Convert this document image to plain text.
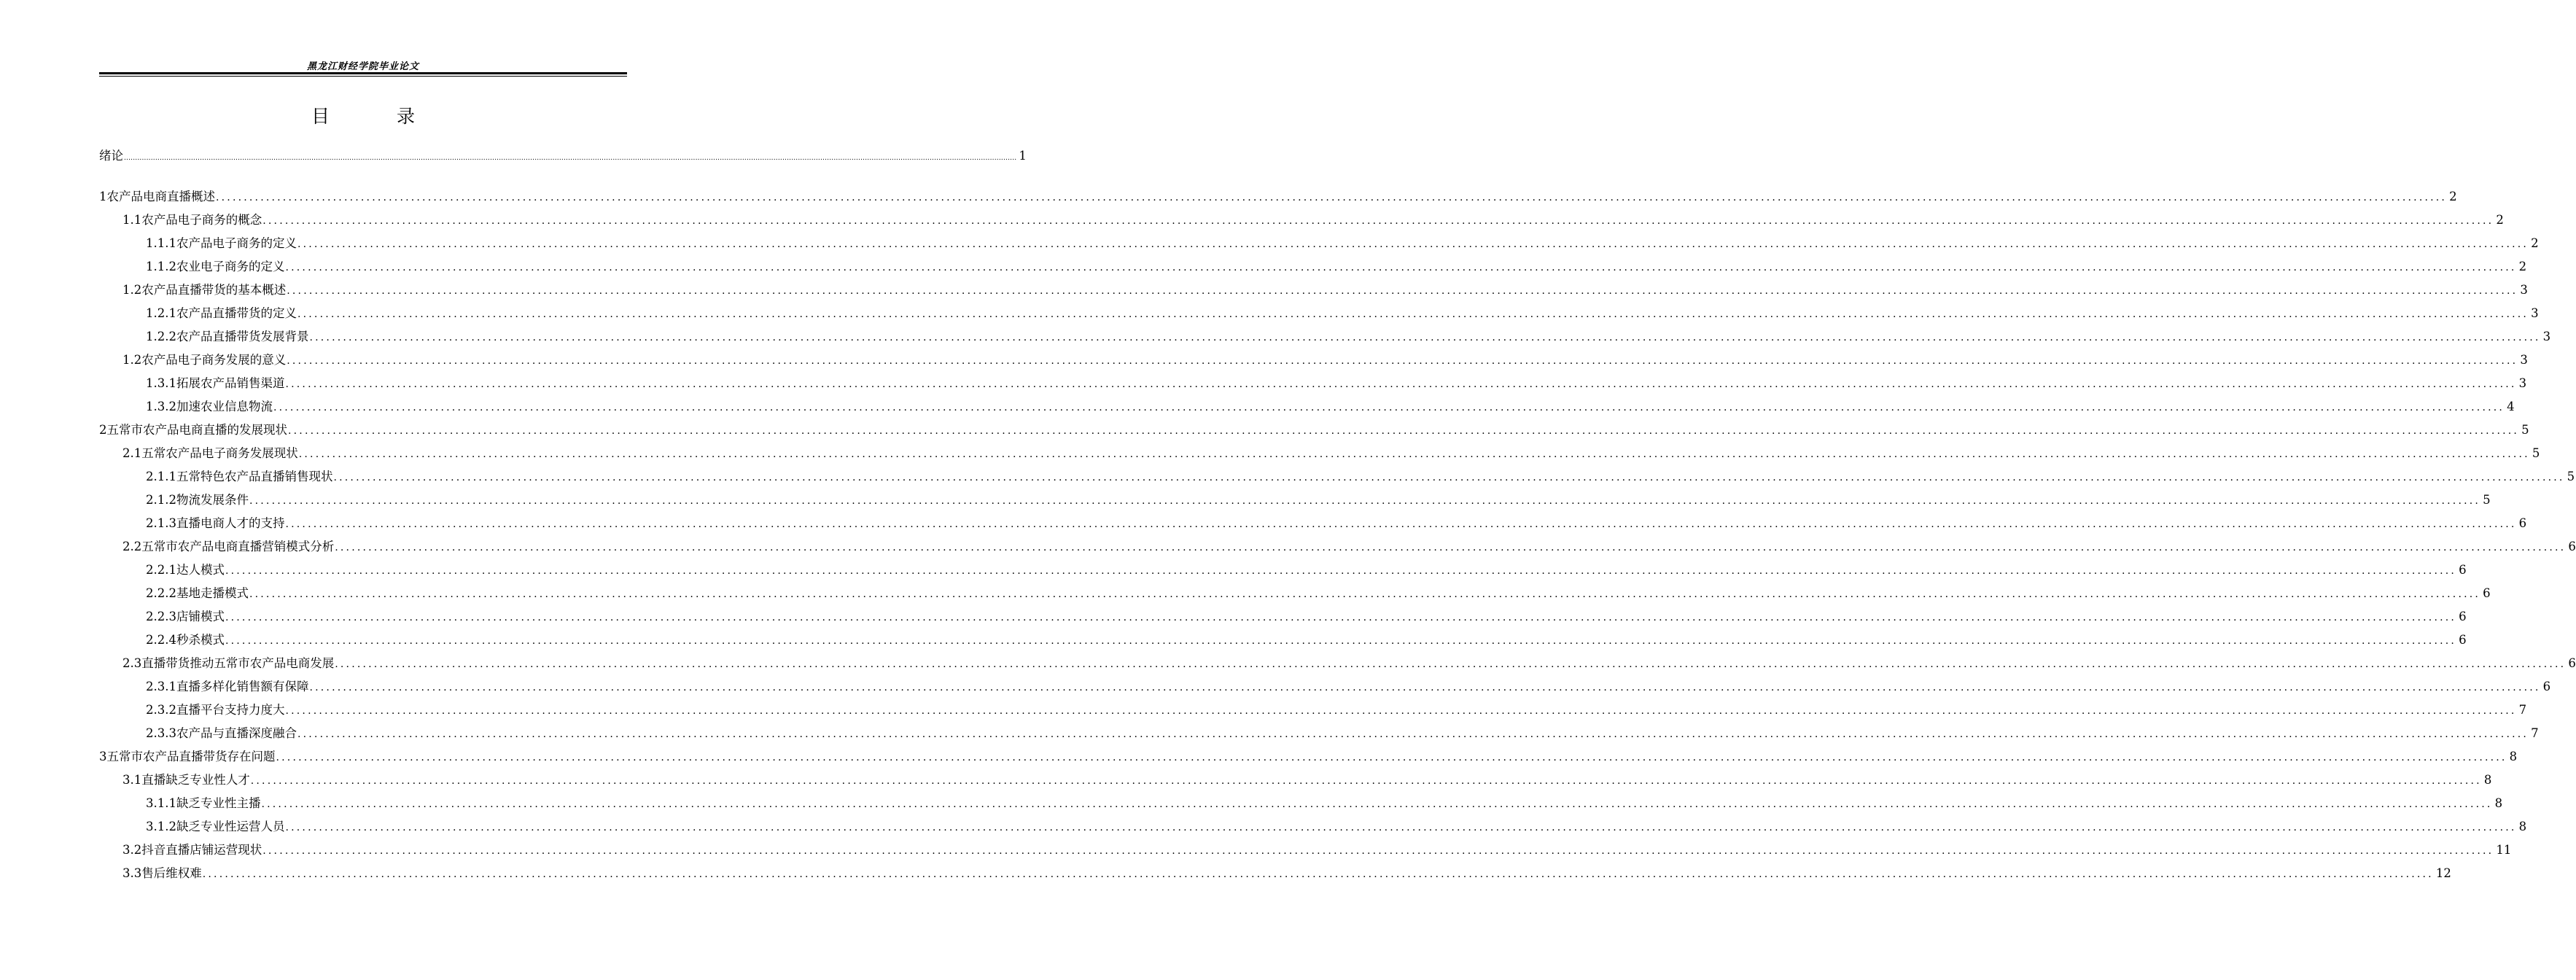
黑龙江财经学院毕业论文
目 录
绪 论 ................................................................................................................................................................................................................................................................................................................................................................................................................ 1
1 农产品电商直播概述 ................................................................................................................................................................................................................................................................................................................................................................................................................ 2
1.1 农产品电子商务的概念 ................................................................................................................................................................................................................................................................................................................................................................................................................ 2
1.1.1 农产品电子商务的定义 ................................................................................................................................................................................................................................................................................................................................................................................................................ 2
1.1.2 农业电子商务的定义 ................................................................................................................................................................................................................................................................................................................................................................................................................ 2
1.2 农产品直播带货的基本概述 ................................................................................................................................................................................................................................................................................................................................................................................................................ 3
1.2.1 农产品直播带货的定义 ................................................................................................................................................................................................................................................................................................................................................................................................................ 3
1.2.2 农产品直播带货发展背景 ................................................................................................................................................................................................................................................................................................................................................................................................................ 3
1.2 农产品电子商务发展的意义 ................................................................................................................................................................................................................................................................................................................................................................................................................ 3
1.3.1 拓展农产品销售渠道 ................................................................................................................................................................................................................................................................................................................................................................................................................ 3
1.3.2 加速农业信息物流 ................................................................................................................................................................................................................................................................................................................................................................................................................ 4
2 五常市农产品电商直播的发展现状 ................................................................................................................................................................................................................................................................................................................................................................................................................ 5
2.1 五常农产品电子商务发展现状 ................................................................................................................................................................................................................................................................................................................................................................................................................ 5
2.1.1 五常特色农产品直播销售现状 ................................................................................................................................................................................................................................................................................................................................................................................................................ 5
2.1.2 物流发展条件 ................................................................................................................................................................................................................................................................................................................................................................................................................ 5
2.1.3 直播电商人才的支持 ................................................................................................................................................................................................................................................................................................................................................................................................................ 6
2.2 五常市农产品电商直播营销模式分析 ................................................................................................................................................................................................................................................................................................................................................................................................................ 6
2.2.1 达人模式 ................................................................................................................................................................................................................................................................................................................................................................................................................ 6
2.2.2 基地走播模式 ................................................................................................................................................................................................................................................................................................................................................................................................................ 6
2.2.3 店铺模式 ................................................................................................................................................................................................................................................................................................................................................................................................................ 6
2.2.4 秒杀模式 ................................................................................................................................................................................................................................................................................................................................................................................................................ 6
2.3 直播带货推动五常市农产品电商发展 ................................................................................................................................................................................................................................................................................................................................................................................................................ 6
2.3.1 直播多样化销售额有保障 ................................................................................................................................................................................................................................................................................................................................................................................................................ 6
2.3.2 直播平台支持力度大 ................................................................................................................................................................................................................................................................................................................................................................................................................ 7
2.3.3 农产品与直播深度融合 ................................................................................................................................................................................................................................................................................................................................................................................................................ 7
3 五常市农产品直播带货存在问题 ................................................................................................................................................................................................................................................................................................................................................................................................................ 8
3.1 直播缺乏专业性人才 ................................................................................................................................................................................................................................................................................................................................................................................................................ 8
3.1.1 缺乏专业性主播 ................................................................................................................................................................................................................................................................................................................................................................................................................ 8
3.1.2 缺乏专业性运营人员 ................................................................................................................................................................................................................................................................................................................................................................................................................ 8
3.2 抖音直播店铺运营现状 ................................................................................................................................................................................................................................................................................................................................................................................................................ 11
3.3 售后维权难 ................................................................................................................................................................................................................................................................................................................................................................................................................ 12
